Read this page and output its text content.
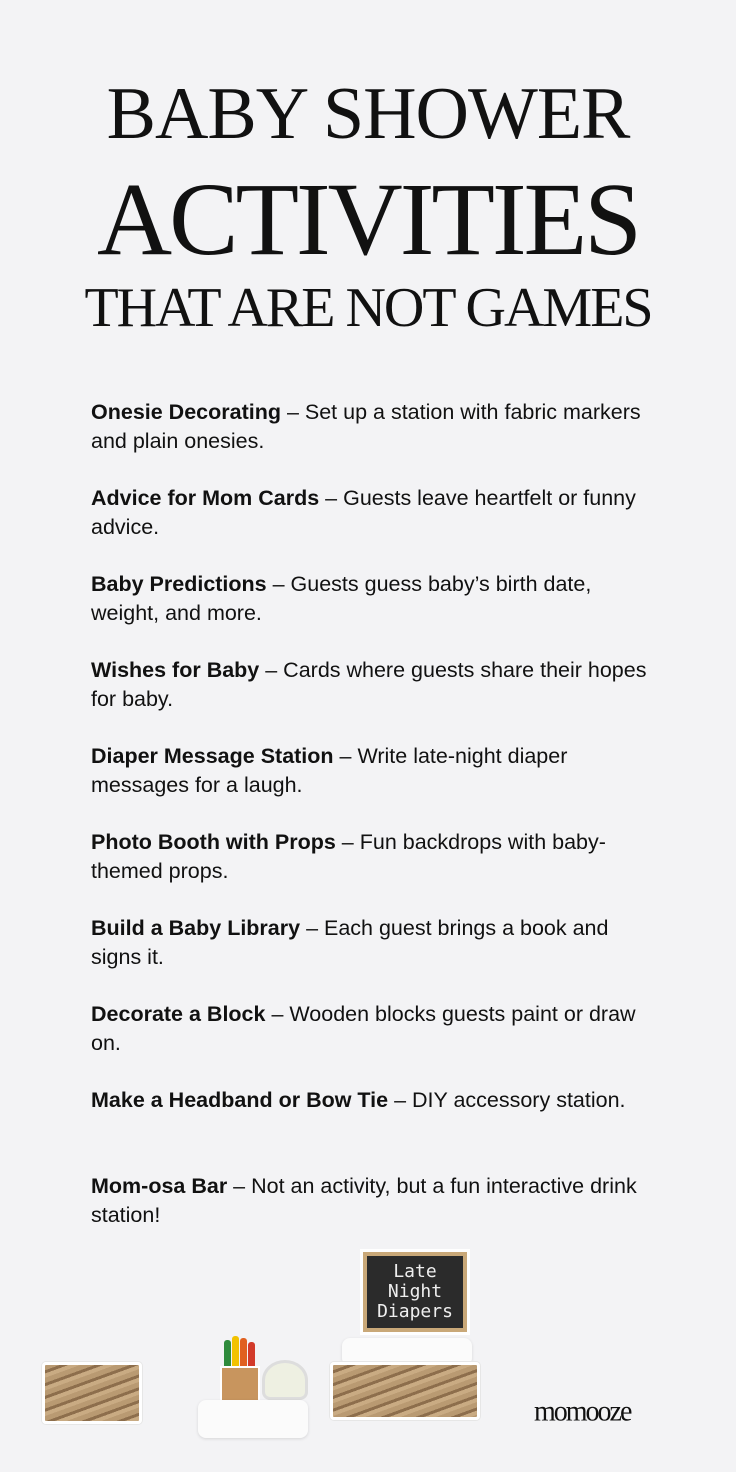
BABY SHOWER
ACTIVITIES
THAT ARE NOT GAMES
Onesie Decorating – Set up a station with fabric markers and plain onesies.
Advice for Mom Cards – Guests leave heartfelt or funny advice.
Baby Predictions – Guests guess baby’s birth date, weight, and more.
Wishes for Baby – Cards where guests share their hopes for baby.
Diaper Message Station – Write late-night diaper messages for a laugh.
Photo Booth with Props – Fun backdrops with baby-themed props.
Build a Baby Library – Each guest brings a book and signs it.
Decorate a Block – Wooden blocks guests paint or draw on.
Make a Headband or Bow Tie – DIY accessory station.
Mom-osa Bar – Not an activity, but a fun interactive drink station!
Late Night Diapers
momooze
